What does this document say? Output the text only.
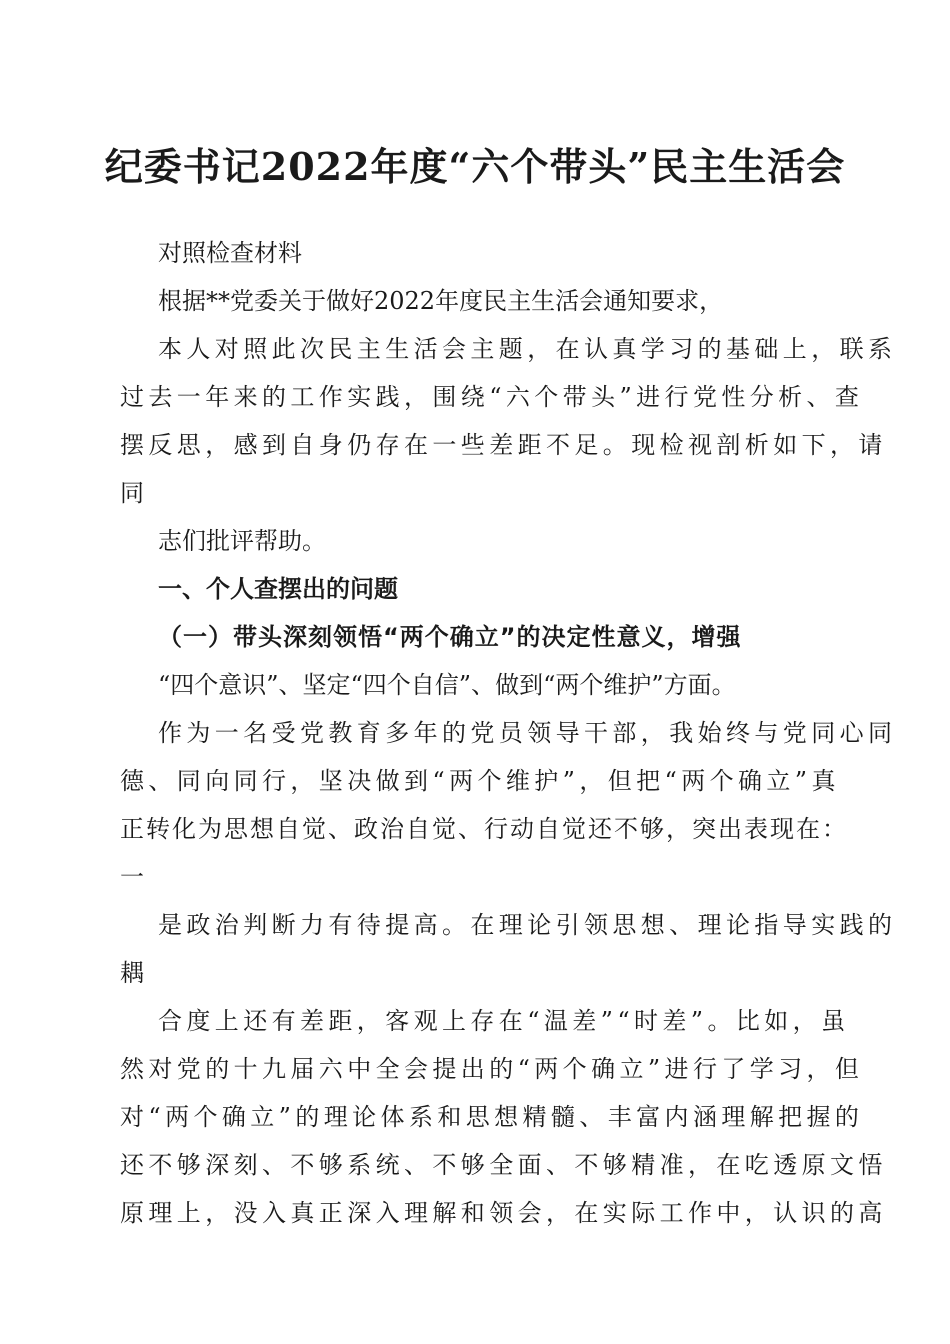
纪委书记2022年度“六个带头”民主生活会
对照检查材料
根据**党委关于做好2022年度民主生活会通知要求，
本人对照此次民主生活会主题，在认真学习的基础上，联系
过去一年来的工作实践，围绕“六个带头”进行党性分析、查
摆反思，感到自身仍存在一些差距不足。现检视剖析如下，请
同
志们批评帮助。
一、个人查摆出的问题
（一）带头深刻领悟“两个确立”的决定性意义，增强
“四个意识”、坚定“四个自信”、做到“两个维护”方面。
作为一名受党教育多年的党员领导干部，我始终与党同心同
德、同向同行，坚决做到“两个维护”，但把“两个确立”真
正转化为思想自觉、政治自觉、行动自觉还不够，突出表现在：
一
是政治判断力有待提高。在理论引领思想、理论指导实践的
耦
合度上还有差距，客观上存在“温差”“时差”。比如，虽
然对党的十九届六中全会提出的“两个确立”进行了学习，但
对“两个确立”的理论体系和思想精髓、丰富内涵理解把握的
还不够深刻、不够系统、不够全面、不够精准，在吃透原文悟
原理上，没入真正深入理解和领会，在实际工作中，认识的高
